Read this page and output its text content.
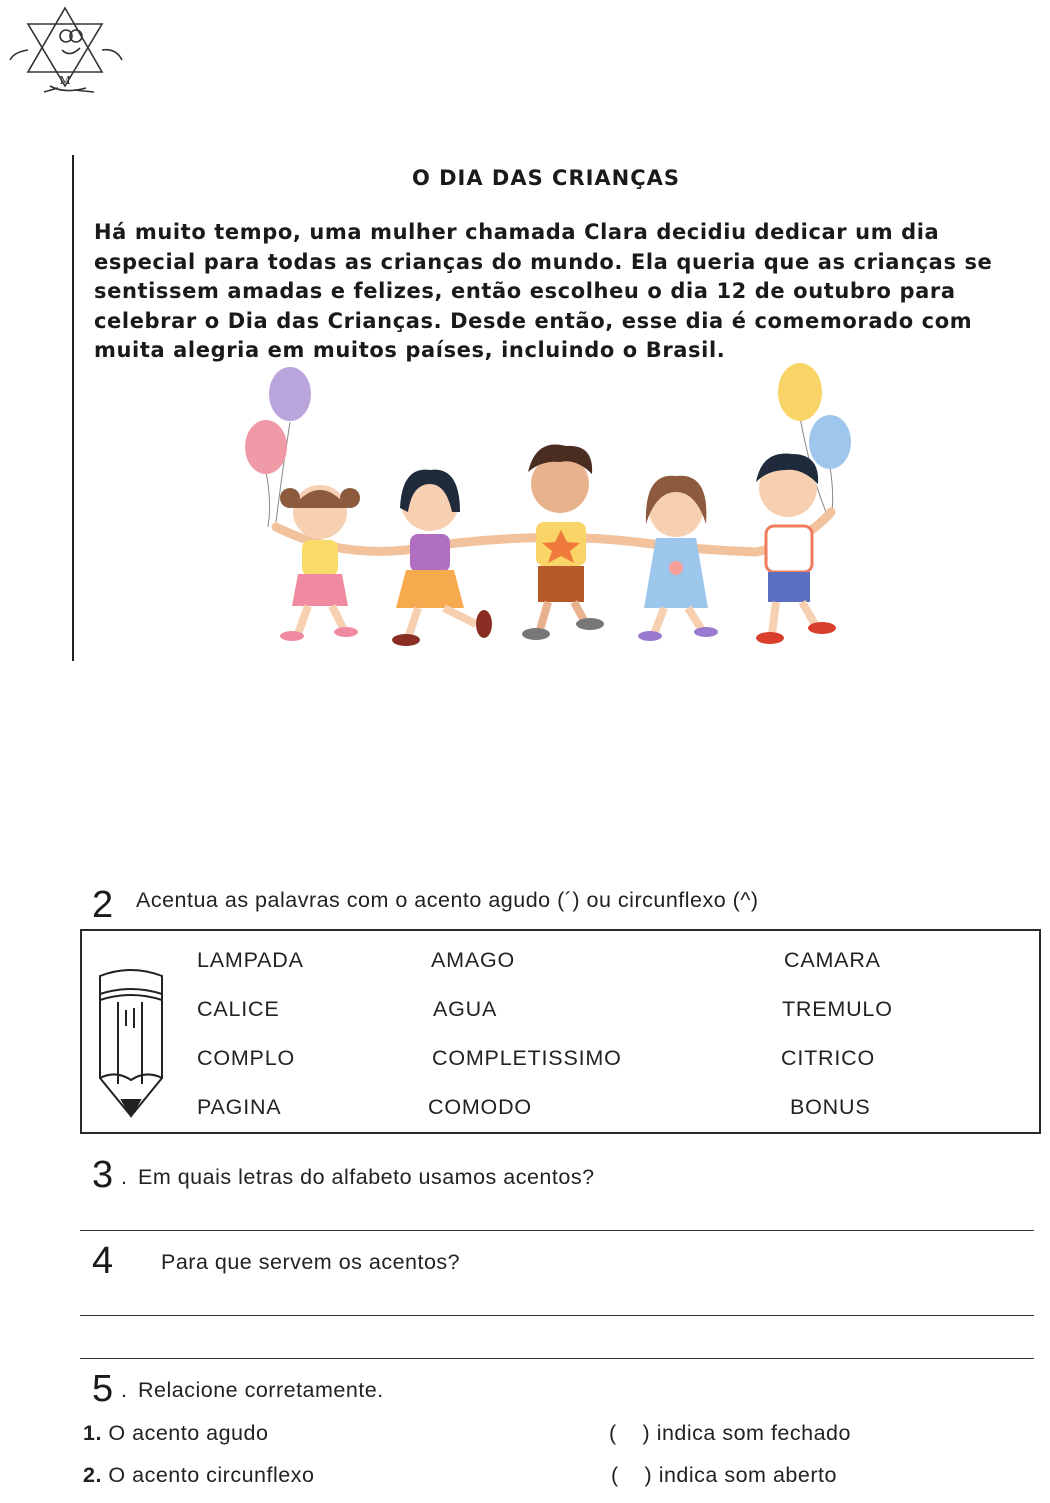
M
O DIA DAS CRIANÇAS
Há muito tempo, uma mulher chamada Clara decidiu dedicar um dia especial para todas as crianças do mundo. Ela queria que as crianças se sentissem amadas e felizes, então escolheu o dia 12 de outubro para celebrar o Dia das Crianças. Desde então, esse dia é comemorado com muita alegria em muitos países, incluindo o Brasil.
2 Acentua as palavras com o acento agudo (´) ou circunflexo (^)
LAMPADA
CALICE
COMPLO
PAGINA
AMAGO
AGUA
COMPLETISSIMO
COMODO
CAMARA
TREMULO
CITRICO
BONUS
3 . Em quais letras do alfabeto usamos acentos?
4 Para que servem os acentos?
5 . Relacione corretamente.
1. O acento agudo
2. O acento circunflexo
(    ) indica som fechado
(    ) indica som aberto
